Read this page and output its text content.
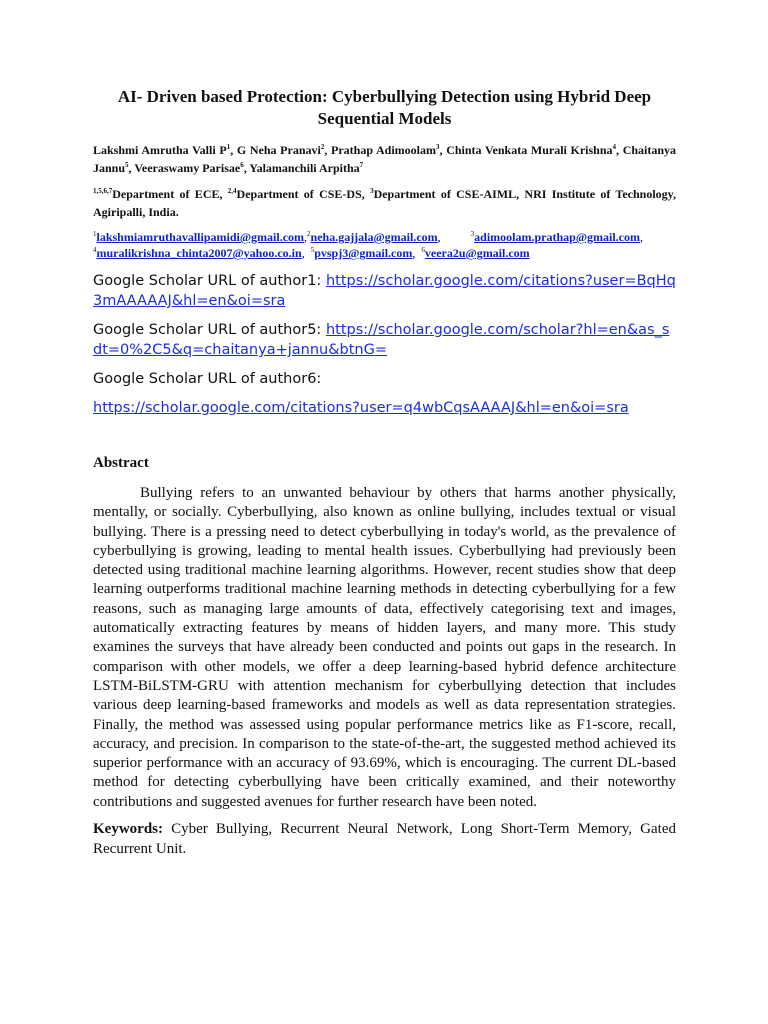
AI- Driven based Protection: Cyberbullying Detection using Hybrid Deep Sequential Models

Lakshmi Amrutha Valli $P^1$, G Neha Pranavi$^2$, Prathap Adimoolam$^3$, Chinta Venkata Murali Krishna$^4$, Chaitanya Jannu$^5$, Veeraswamy Parisae$^6$, Yalamanchili Arpitha$^7$

$^{1,5,6,7}$Department of ECE, $^{2,4}$Department of CSE-DS, $^3$Department of CSE-AIML, NRI Institute of Technology, Agiripalli, India.

$^1$lakshmiamruthavallipamidi@gmail.com,$^2$neha.gajjala@gmail.com,          $^3$adimoolam.prathap@gmail.com,
$^4$muralikrishna_chinta2007@yahoo.co.in,  $^5$pvspj3@gmail.com,  $^6$veera2u@gmail.com

Google Scholar URL of author1: https://scholar.google.com/citations?user=BqHq3mAAAAAJ&hl=en&oi=sra

Google Scholar URL of author5: https://scholar.google.com/scholar?hl=en&as_sdt=0%2C5&q=chaitanya+jannu&btnG=

Google Scholar URL of author6:

https://scholar.google.com/citations?user=q4wbCqsAAAAJ&hl=en&oi=sra

Abstract

Bullying refers to an unwanted behaviour by others that harms another physically, mentally, or socially. Cyberbullying, also known as online bullying, includes textual or visual bullying. There is a pressing need to detect cyberbullying in today's world, as the prevalence of cyberbullying is growing, leading to mental health issues. Cyberbullying had previously been detected using traditional machine learning algorithms. However, recent studies show that deep learning outperforms traditional machine learning methods in detecting cyberbullying for a few reasons, such as managing large amounts of data, effectively categorising text and images, automatically extracting features by means of hidden layers, and many more. This study examines the surveys that have already been conducted and points out gaps in the research. In comparison with other models, we offer a deep learning-based hybrid defence architecture LSTM-BiLSTM-GRU with attention mechanism for cyberbullying detection that includes various deep learning-based frameworks and models as well as data representation strategies. Finally, the method was assessed using popular performance metrics like as F1-score, recall, accuracy, and precision. In comparison to the state-of-the-art, the suggested method achieved its superior performance with an accuracy of 93.69%, which is encouraging. The current DL-based method for detecting cyberbullying have been critically examined, and their noteworthy contributions and suggested avenues for further research have been noted.

Keywords: Cyber Bullying, Recurrent Neural Network, Long Short-Term Memory, Gated Recurrent Unit.
